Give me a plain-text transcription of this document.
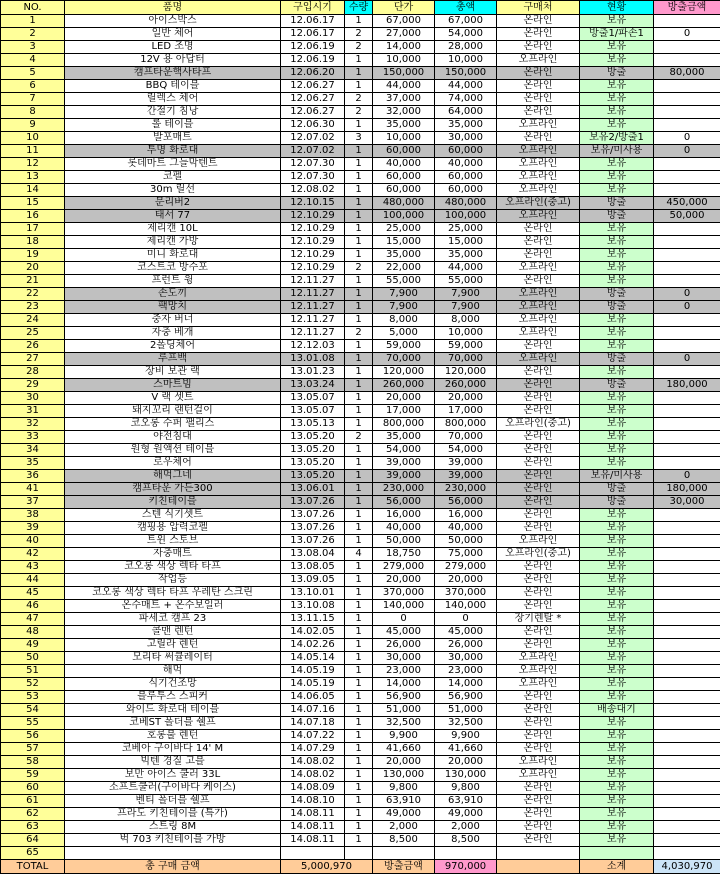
NO.	품명	구입시기	수량	단가	총액	구매처	현황	방출금액
1	아이스박스	12.06.17	1	67,000	67,000	온라인	보유	
2	일반 체어	12.06.17	2	27,000	54,000	온라인	방출1/파손1	0
3	LED 조명	12.06.19	2	14,000	28,000	온라인	보유	
4	12V 용 아답터	12.06.19	1	10,000	10,000	오프라인	보유	
5	캠프타운핵사타프	12.06.20	1	150,000	150,000	온라인	방출	80,000
6	BBQ 테이블	12.06.27	1	44,000	44,000	온라인	보유	
7	릴렉스 체어	12.06.27	2	37,000	74,000	온라인	보유	
8	간절기 침낭	12.06.27	2	32,000	64,000	온라인	보유	
9	롤 테이블	12.06.30	1	35,000	35,000	오프라인	보유	
10	발포매트	12.07.02	3	10,000	30,000	온라인	보유2/방출1	0
11	투명 화로대	12.07.02	1	60,000	60,000	오프라인	보유/미사용	0
12	롯데마트 그늘막텐트	12.07.30	1	40,000	40,000	오프라인	보유	
13	코펠	12.07.30	1	60,000	60,000	오프라인	보유	
14	30m 릴선	12.08.02	1	60,000	60,000	오프라인	보유	
15	문리버2	12.10.15	1	480,000	480,000	오프라인(중고)	방출	450,000
16	태서 77	12.10.29	1	100,000	100,000	오프라인	방출	50,000
17	제리캔 10L	12.10.29	1	25,000	25,000	온라인	보유	
18	제리캔 가방	12.10.29	1	15,000	15,000	온라인	보유	
19	미니 화로대	12.10.29	1	35,000	35,000	온라인	보유	
20	코스트코 방수포	12.10.29	2	22,000	44,000	오프라인	보유	
21	프런트 윙	12.11.27	1	55,000	55,000	온라인	보유	
22	손도끼	12.11.27	1	7,900	7,900	오프라인	방출	0
23	팩망치	12.11.27	1	7,900	7,900	오프라인	방출	0
24	중자 버너	12.11.27	1	8,000	8,000	오프라인	보유	
25	자충 베개	12.11.27	2	5,000	10,000	오프라인	보유	
26	2폴딩체어	12.12.03	1	59,000	59,000	온라인	보유	
27	루프백	13.01.08	1	70,000	70,000	오프라인	방출	0
28	장비 보관 랙	13.01.23	1	120,000	120,000	온라인	보유	
29	스마트빔	13.03.24	1	260,000	260,000	온라인	방출	180,000
30	V 랙 셋트	13.05.07	1	20,000	20,000	온라인	보유	
31	돼지꼬리 랜턴걸이	13.05.07	1	17,000	17,000	온라인	보유	
32	코오롱 수퍼 팰리스	13.05.13	1	800,000	800,000	오프라인(중고)	보유	
33	야전침대	13.05.20	2	35,000	70,000	온라인	보유	
34	원형 원액션 테이블	13.05.20	1	54,000	54,000	온라인	보유	
35	로우체어	13.05.20	1	39,000	39,000	온라인	보유	
36	해먹그네	13.05.20	1	39,000	39,000	온라인	보유/미사용	0
41	캠프타운 가든300	13.06.01	1	230,000	230,000	온라인	방출	180,000
37	키친테이블	13.07.26	1	56,000	56,000	온라인	방출	30,000
38	스텐 식기셋트	13.07.26	1	16,000	16,000	온라인	보유	
39	캠핑용 압력코펠	13.07.26	1	40,000	40,000	온라인	보유	
40	트윈 스토브	13.07.26	1	50,000	50,000	오프라인	보유	
42	자충매트	13.08.04	4	18,750	75,000	오프라인(중고)	보유	
43	코오롱 색상 렉타 타프	13.08.05	1	279,000	279,000	온라인	보유	
44	작업등	13.09.05	1	20,000	20,000	온라인	보유	
45	코오롱 색상 렉타 타프 우레탄 스크린	13.10.01	1	370,000	370,000	온라인	보유	
46	온수매트 + 온수보일러	13.10.08	1	140,000	140,000	온라인	보유	
47	파세코 캠프 23	13.11.15	1	0	0	장기렌탈 *	보유	
48	콜맨 렌턴	14.02.05	1	45,000	45,000	온라인	보유	
49	고릴라 렌턴	14.02.26	1	26,000	26,000	온라인	보유	
50	모리타 써큘레이터	14.05.14	1	30,000	30,000	오프라인	보유	
51	해먹	14.05.19	1	23,000	23,000	오프라인	보유	
52	식기건조망	14.05.19	1	14,000	14,000	오프라인	보유	
53	블루투스 스피커	14.06.05	1	56,900	56,900	온라인	보유	
54	와이드 화로대 테이블	14.07.16	1	51,000	51,000	온라인	배송대기	
55	코베ST 폴더블 쉘프	14.07.18	1	32,500	32,500	온라인	보유	
56	호롱불 렌턴	14.07.22	1	9,900	9,900	온라인	보유	
57	코베아 구이바다 14' M	14.07.29	1	41,660	41,660	온라인	보유	
58	빅텐 경질 고블	14.08.02	1	20,000	20,000	오프라인	보유	
59	보만 아이스 쿨러 33L	14.08.02	1	130,000	130,000	오프라인	보유	
60	소프트쿨러(구이바다 케이스)	14.08.09	1	9,800	9,800	온라인	보유	
61	벤티 폴더블 쉘프	14.08.10	1	63,910	63,910	온라인	보유	
62	프라도 키친테이블 (특가)	14.08.11	1	49,000	49,000	온라인	보유	
63	스트링 8M	14.08.11	1	2,000	2,000	온라인	보유	
64	벅 703 키친테이블 가방	14.08.11	1	8,500	8,500	온라인	보유	
65								
TOTAL	총 구매 금액	5,000,970		방출금액	970,000		소계	4,030,970
